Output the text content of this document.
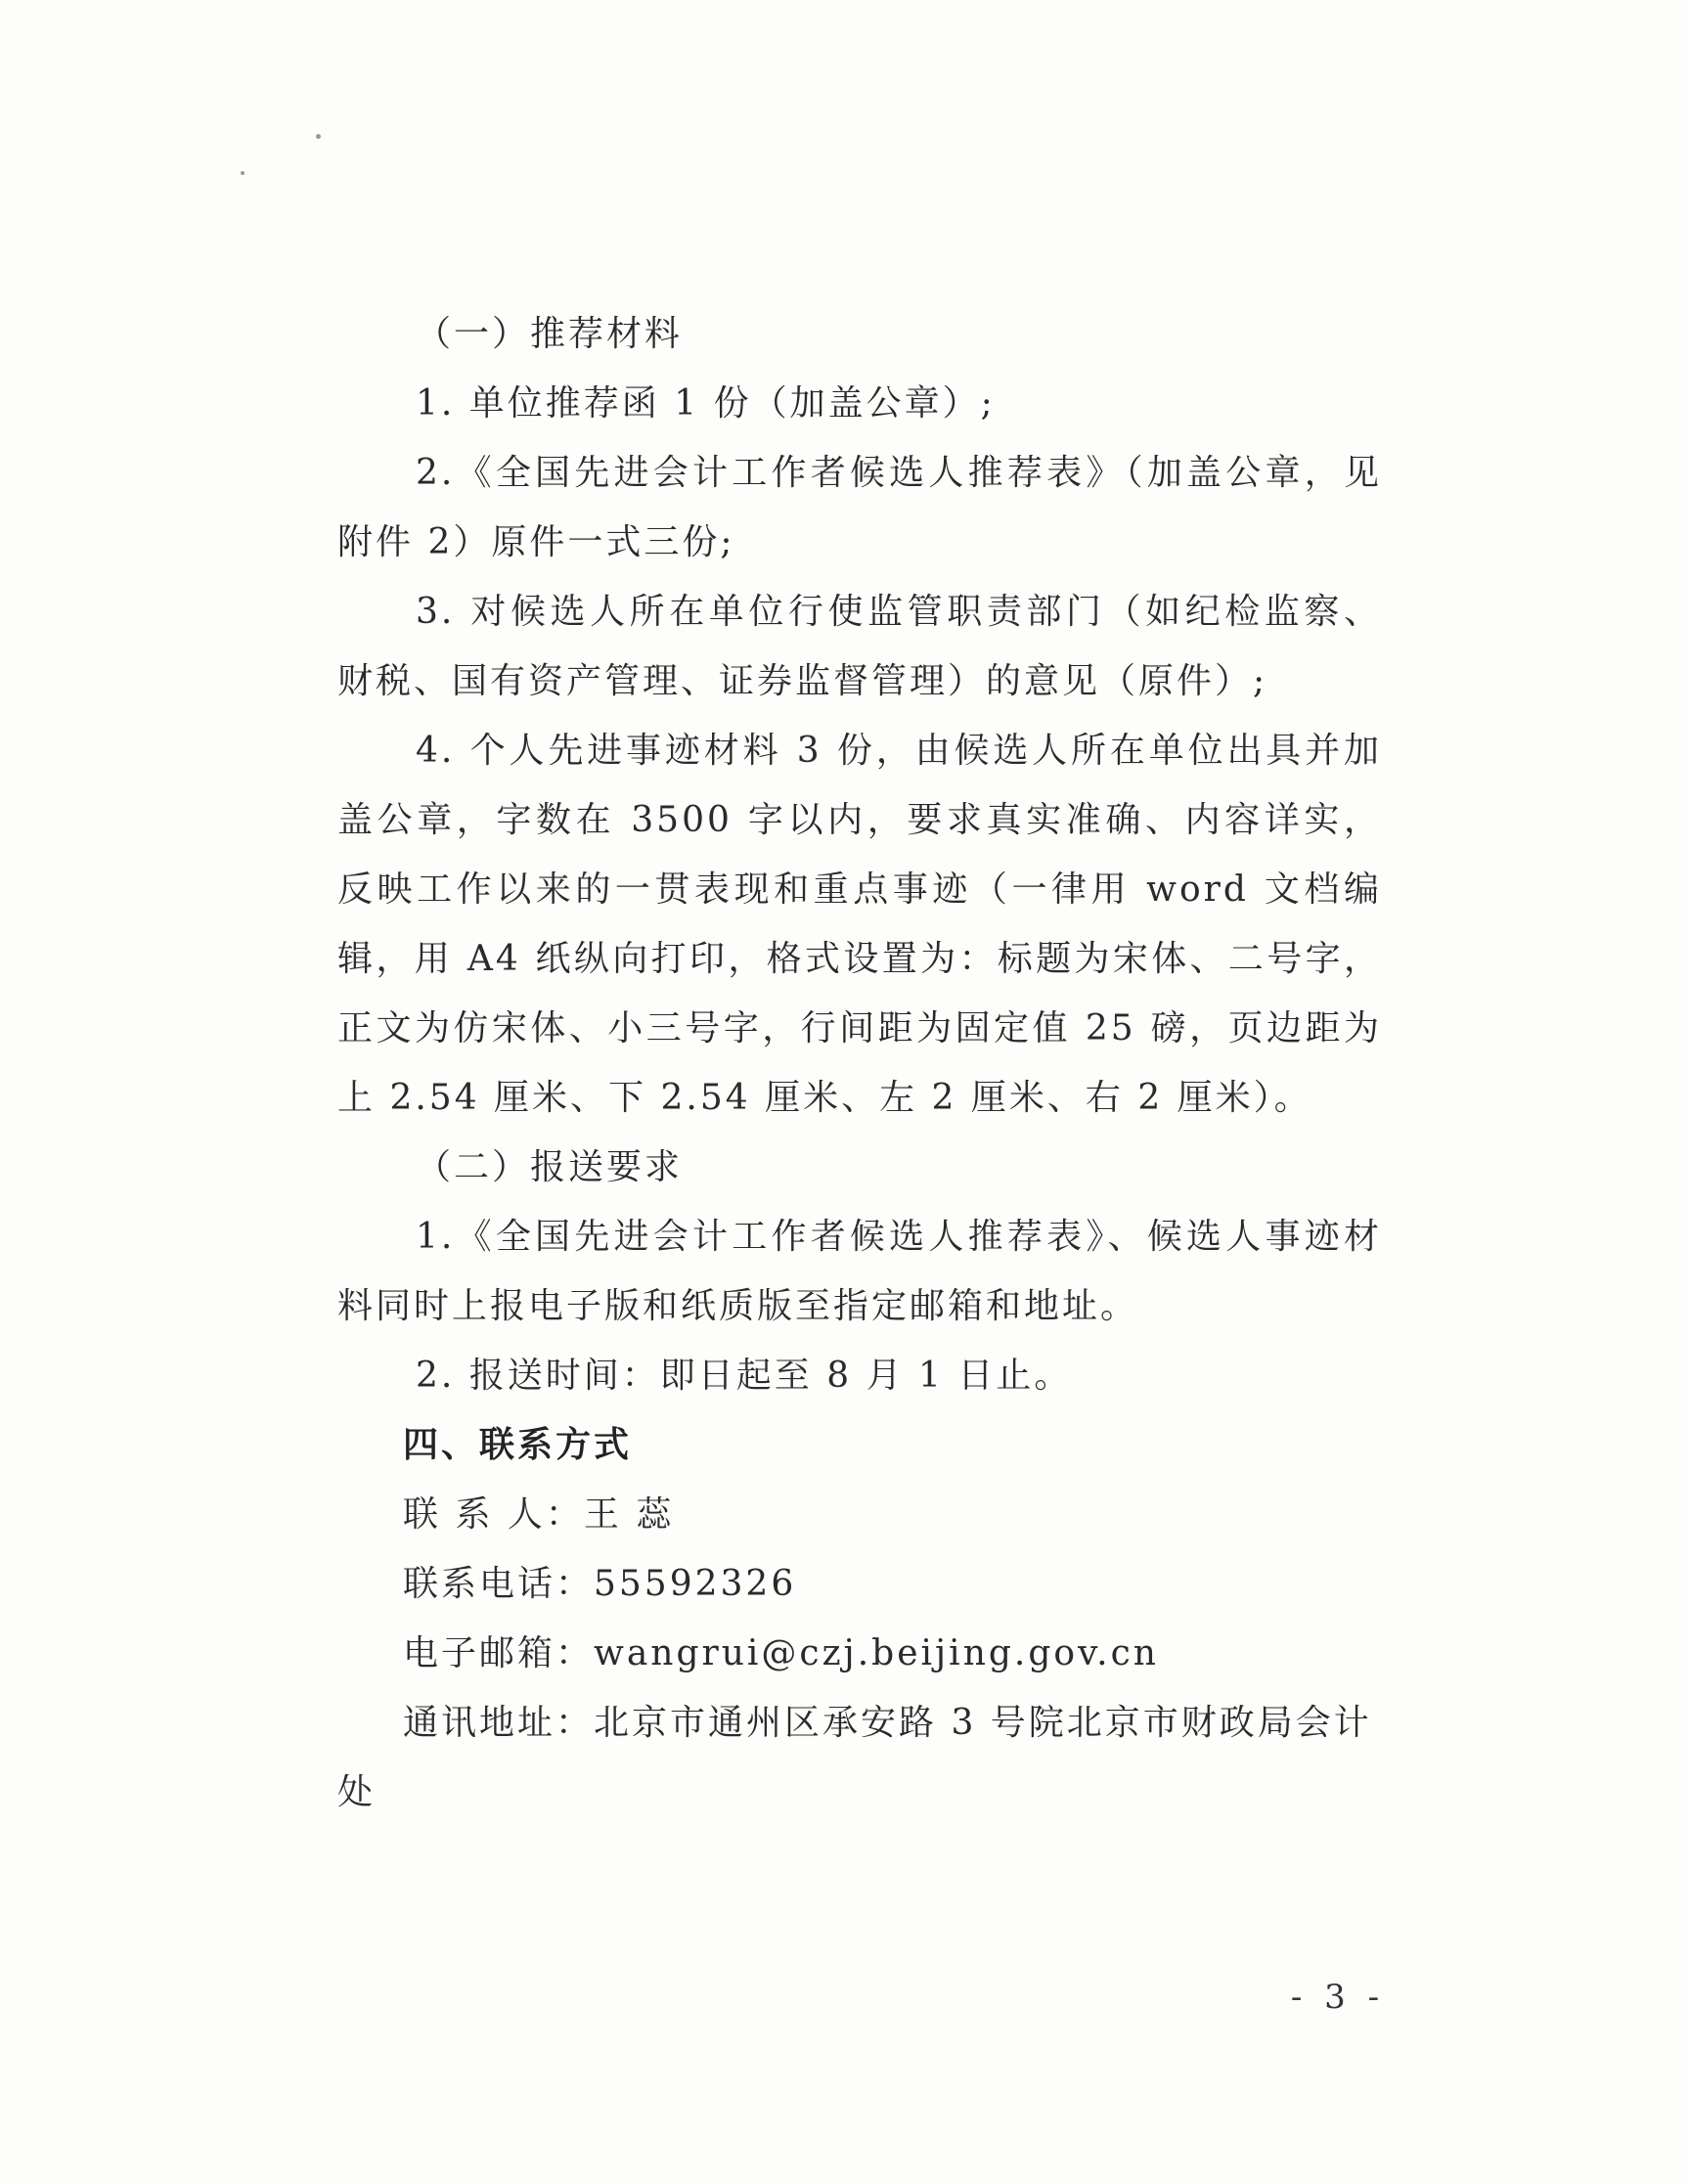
（一）推荐材料

1. 单位推荐函 1 份（加盖公章）;

2.《全国先进会计工作者候选人推荐表》（加盖公章，见附件 2）原件一式三份;

3. 对候选人所在单位行使监管职责部门（如纪检监察、财税、国有资产管理、证券监督管理）的意见（原件）;

4. 个人先进事迹材料 3 份，由候选人所在单位出具并加盖公章，字数在 3500 字以内，要求真实准确、内容详实，反映工作以来的一贯表现和重点事迹（一律用 word 文档编辑，用 A4 纸纵向打印，格式设置为：标题为宋体、二号字，正文为仿宋体、小三号字，行间距为固定值 25 磅，页边距为上 2.54 厘米、下 2.54 厘米、左 2 厘米、右 2 厘米）。

（二）报送要求

1.《全国先进会计工作者候选人推荐表》、候选人事迹材料同时上报电子版和纸质版至指定邮箱和地址。

2. 报送时间：即日起至 8 月 1 日止。

四、联系方式

联 系 人：王 蕊

联系电话：55592326

电子邮箱：wangrui@czj.beijing.gov.cn

通讯地址：北京市通州区承安路 3 号院北京市财政局会计处

- 3 -
